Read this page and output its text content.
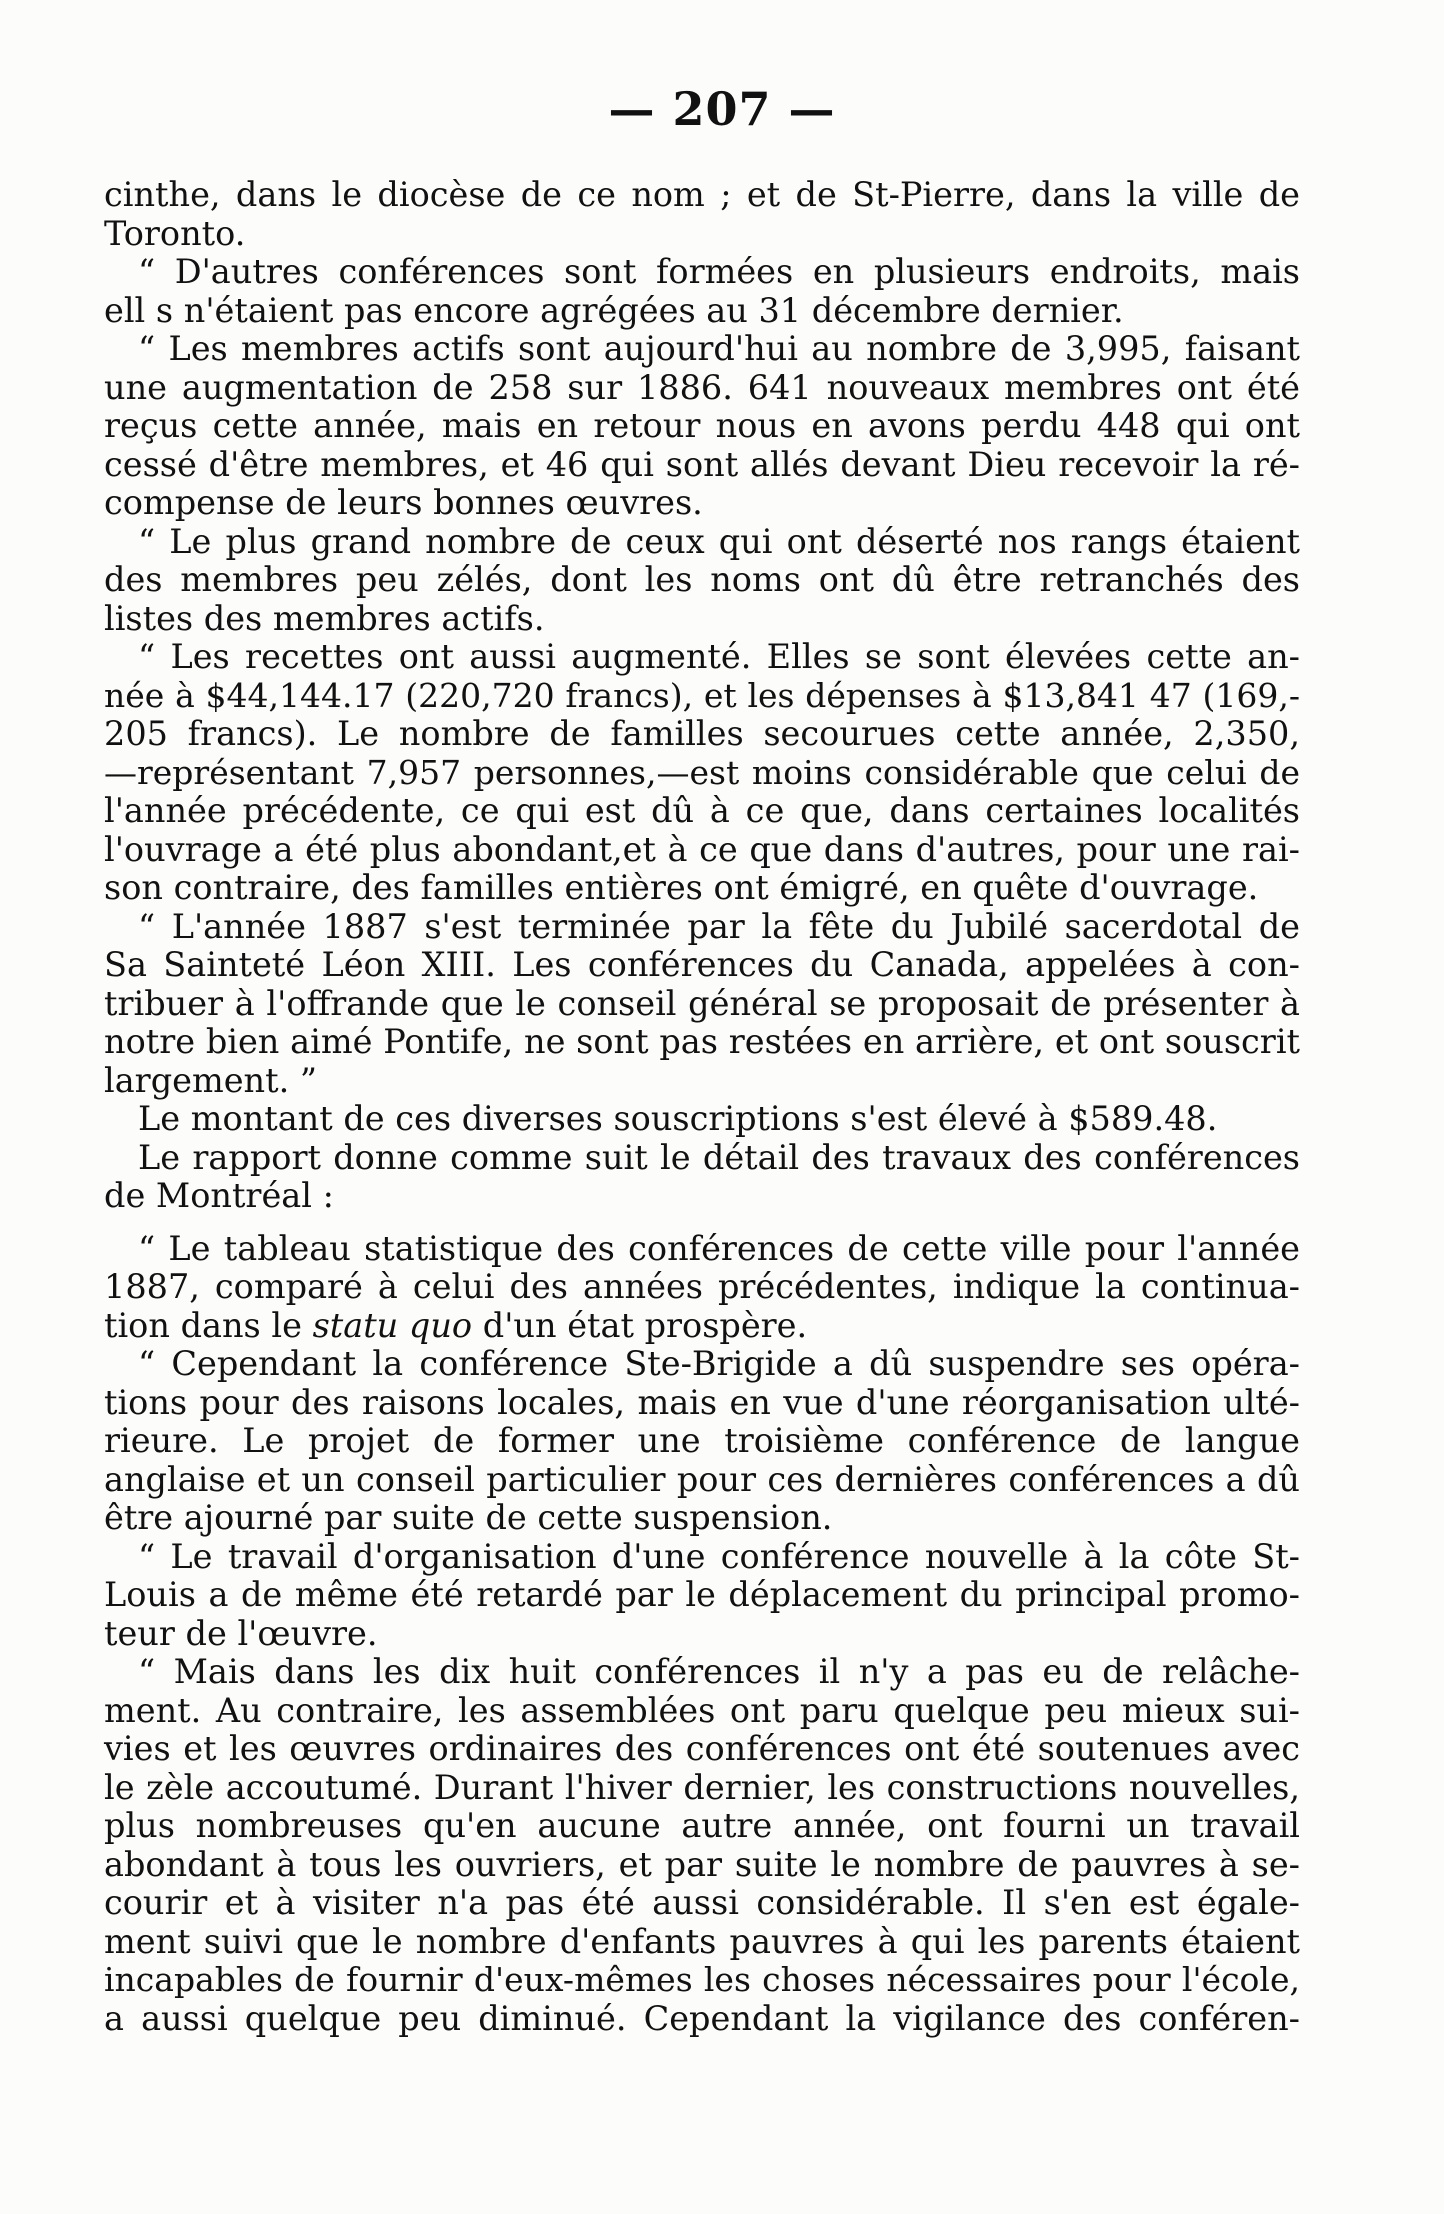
— 207 —
cinthe, dans le diocèse de ce nom ; et de St-Pierre, dans la ville de
Toronto.
“ D'autres conférences sont formées en plusieurs endroits, mais
ell s n'étaient pas encore agrégées au 31 décembre dernier.
“ Les membres actifs sont aujourd'hui au nombre de 3,995, faisant
une augmentation de 258 sur 1886. 641 nouveaux membres ont été
reçus cette année, mais en retour nous en avons perdu 448 qui ont
cessé d'être membres, et 46 qui sont allés devant Dieu recevoir la ré-
compense de leurs bonnes œuvres.
“ Le plus grand nombre de ceux qui ont déserté nos rangs étaient
des membres peu zélés, dont les noms ont dû être retranchés des
listes des membres actifs.
“ Les recettes ont aussi augmenté. Elles se sont élevées cette an-
née à $44,144.17 (220,720 francs), et les dépenses à $13,841 47 (169,-
205 francs). Le nombre de familles secourues cette année, 2,350,
—représentant 7,957 personnes,—est moins considérable que celui de
l'année précédente, ce qui est dû à ce que, dans certaines localités
l'ouvrage a été plus abondant,et à ce que dans d'autres, pour une rai-
son contraire, des familles entières ont émigré, en quête d'ouvrage.
“ L'année 1887 s'est terminée par la fête du Jubilé sacerdotal de
Sa Sainteté Léon XIII. Les conférences du Canada, appelées à con-
tribuer à l'offrande que le conseil général se proposait de présenter à
notre bien aimé Pontife, ne sont pas restées en arrière, et ont souscrit
largement. ”
Le montant de ces diverses souscriptions s'est élevé à $589.48.
Le rapport donne comme suit le détail des travaux des conférences
de Montréal :
“ Le tableau statistique des conférences de cette ville pour l'année
1887, comparé à celui des années précédentes, indique la continua-
tion dans le statu quo d'un état prospère.
“ Cependant la conférence Ste-Brigide a dû suspendre ses opéra-
tions pour des raisons locales, mais en vue d'une réorganisation ulté-
rieure. Le projet de former une troisième conférence de langue
anglaise et un conseil particulier pour ces dernières conférences a dû
être ajourné par suite de cette suspension.
“ Le travail d'organisation d'une conférence nouvelle à la côte St-
Louis a de même été retardé par le déplacement du principal promo-
teur de l'œuvre.
“ Mais dans les dix huit conférences il n'y a pas eu de relâche-
ment. Au contraire, les assemblées ont paru quelque peu mieux sui-
vies et les œuvres ordinaires des conférences ont été soutenues avec
le zèle accoutumé. Durant l'hiver dernier, les constructions nouvelles,
plus nombreuses qu'en aucune autre année, ont fourni un travail
abondant à tous les ouvriers, et par suite le nombre de pauvres à se-
courir et à visiter n'a pas été aussi considérable. Il s'en est égale-
ment suivi que le nombre d'enfants pauvres à qui les parents étaient
incapables de fournir d'eux-mêmes les choses nécessaires pour l'école,
a aussi quelque peu diminué. Cependant la vigilance des conféren-
